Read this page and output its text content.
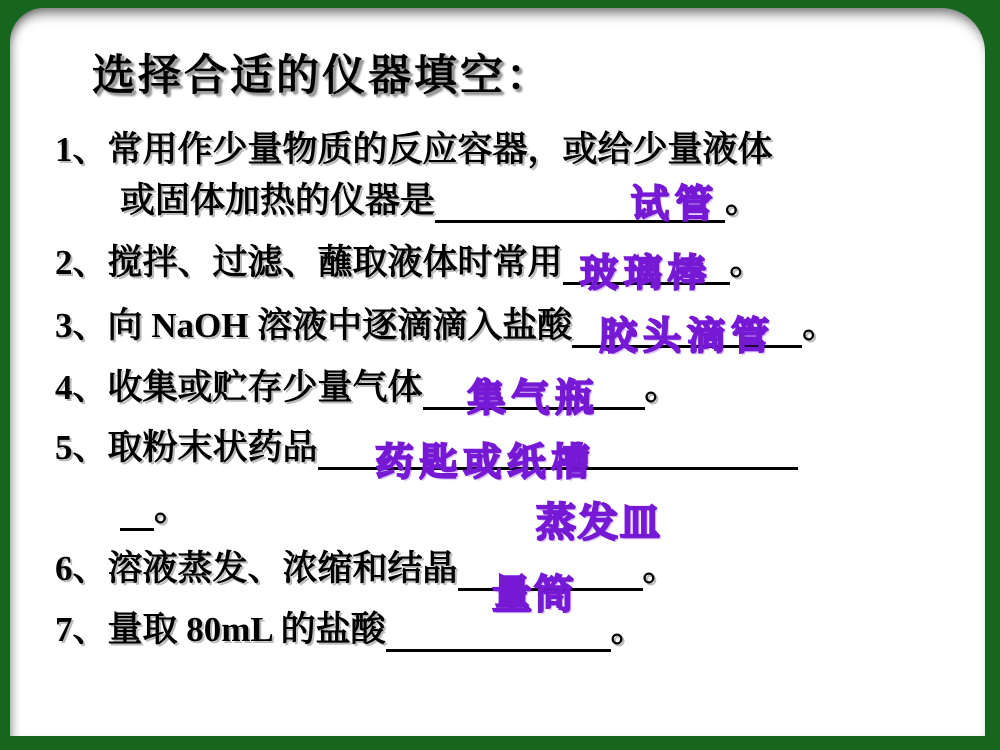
选择合适的仪器填空：
1、 常用作少量物质的反应容器，或给少量液体
或固体加热的仪器是	试管 。
2、 搅拌、过滤、蘸取液体时常用 玻璃棒 。
3、 向 NaOH 溶液中逐滴滴入盐酸 胶头滴管 。
4、 收集或贮存少量气体 集气瓶 。
5、 取粉末状药品 药匙或纸槽
。
6、 溶液蒸发、浓缩和结晶	。
蒸发皿
7、 量取 80mL 的盐酸	。
量筒
